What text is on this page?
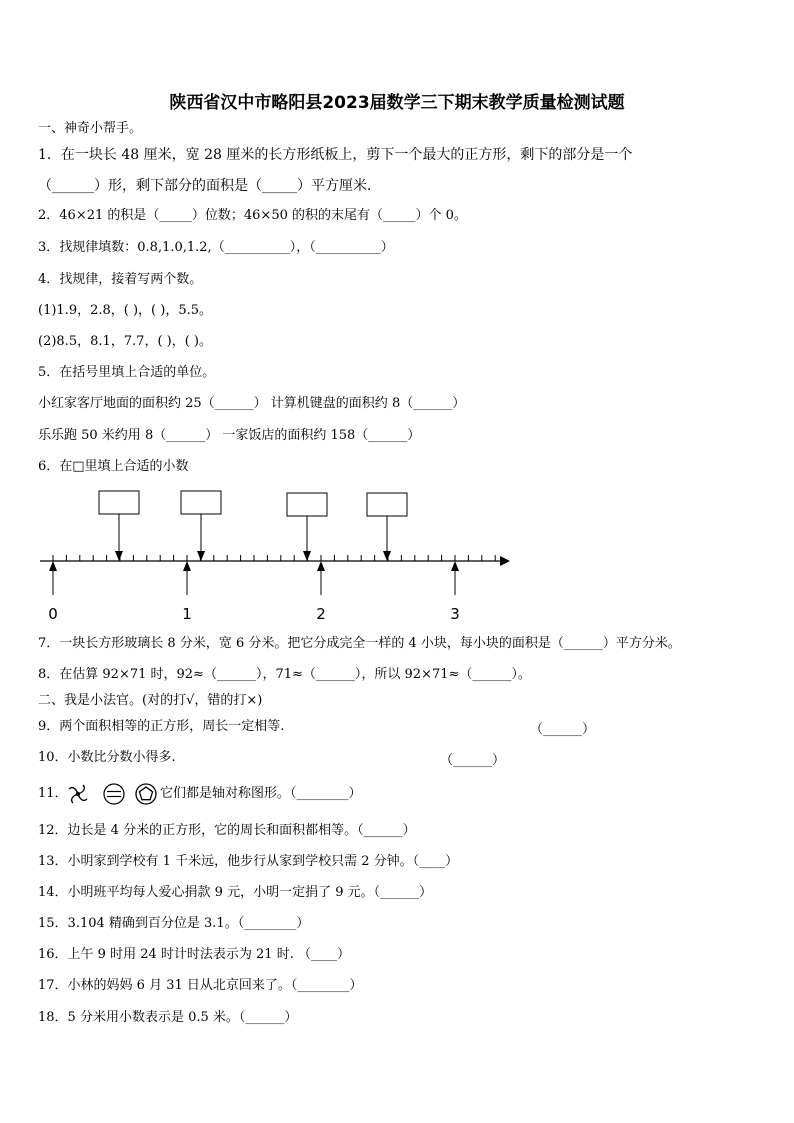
陕西省汉中市略阳县2023届数学三下期末教学质量检测试题
一、神奇小帮手。
1．在一块长 48 厘米，宽 28 厘米的长方形纸板上，剪下一个最大的正方形，剩下的部分是一个
（______）形，剩下部分的面积是（_____）平方厘米．
2．46×21 的积是（_____）位数；46×50 的积的末尾有（_____）个 0。
3．找规律填数：0.8,1.0,1.2,（__________），（__________）
4．找规律，接着写两个数。
(1)1.9，2.8，( )，( )，5.5。
(2)8.5，8.1，7.7，( )，( )。
5．在括号里填上合适的单位。
小红家客厅地面的面积约 25（______） 计算机键盘的面积约 8（______）
乐乐跑 50 米约用 8（______） 一家饭店的面积约 158（______）
6．在□里填上合适的小数
0	1	2	3
7．一块长方形玻璃长 8 分米，宽 6 分米。把它分成完全一样的 4 小块，每小块的面积是（______）平方分米。
8．在估算 92×71 时，92≈（______），71≈（______），所以 92×71≈（______）。
二、我是小法官。(对的打√，错的打×)
9．两个面积相等的正方形，周长一定相等.	（______）
10．小数比分数小得多.	（______）
11．	它们都是轴对称图形。（________）
12．边长是 4 分米的正方形，它的周长和面积都相等。（______）
13．小明家到学校有 1 千米远，他步行从家到学校只需 2 分钟。（____）
14．小明班平均每人爱心捐款 9 元，小明一定捐了 9 元。（______）
15．3.104 精确到百分位是 3.1。（________）
16．上午 9 时用 24 时计时法表示为 21 时. （____）
17．小林的妈妈 6 月 31 日从北京回来了。（________）
18．5 分米用小数表示是 0.5 米。（______）
